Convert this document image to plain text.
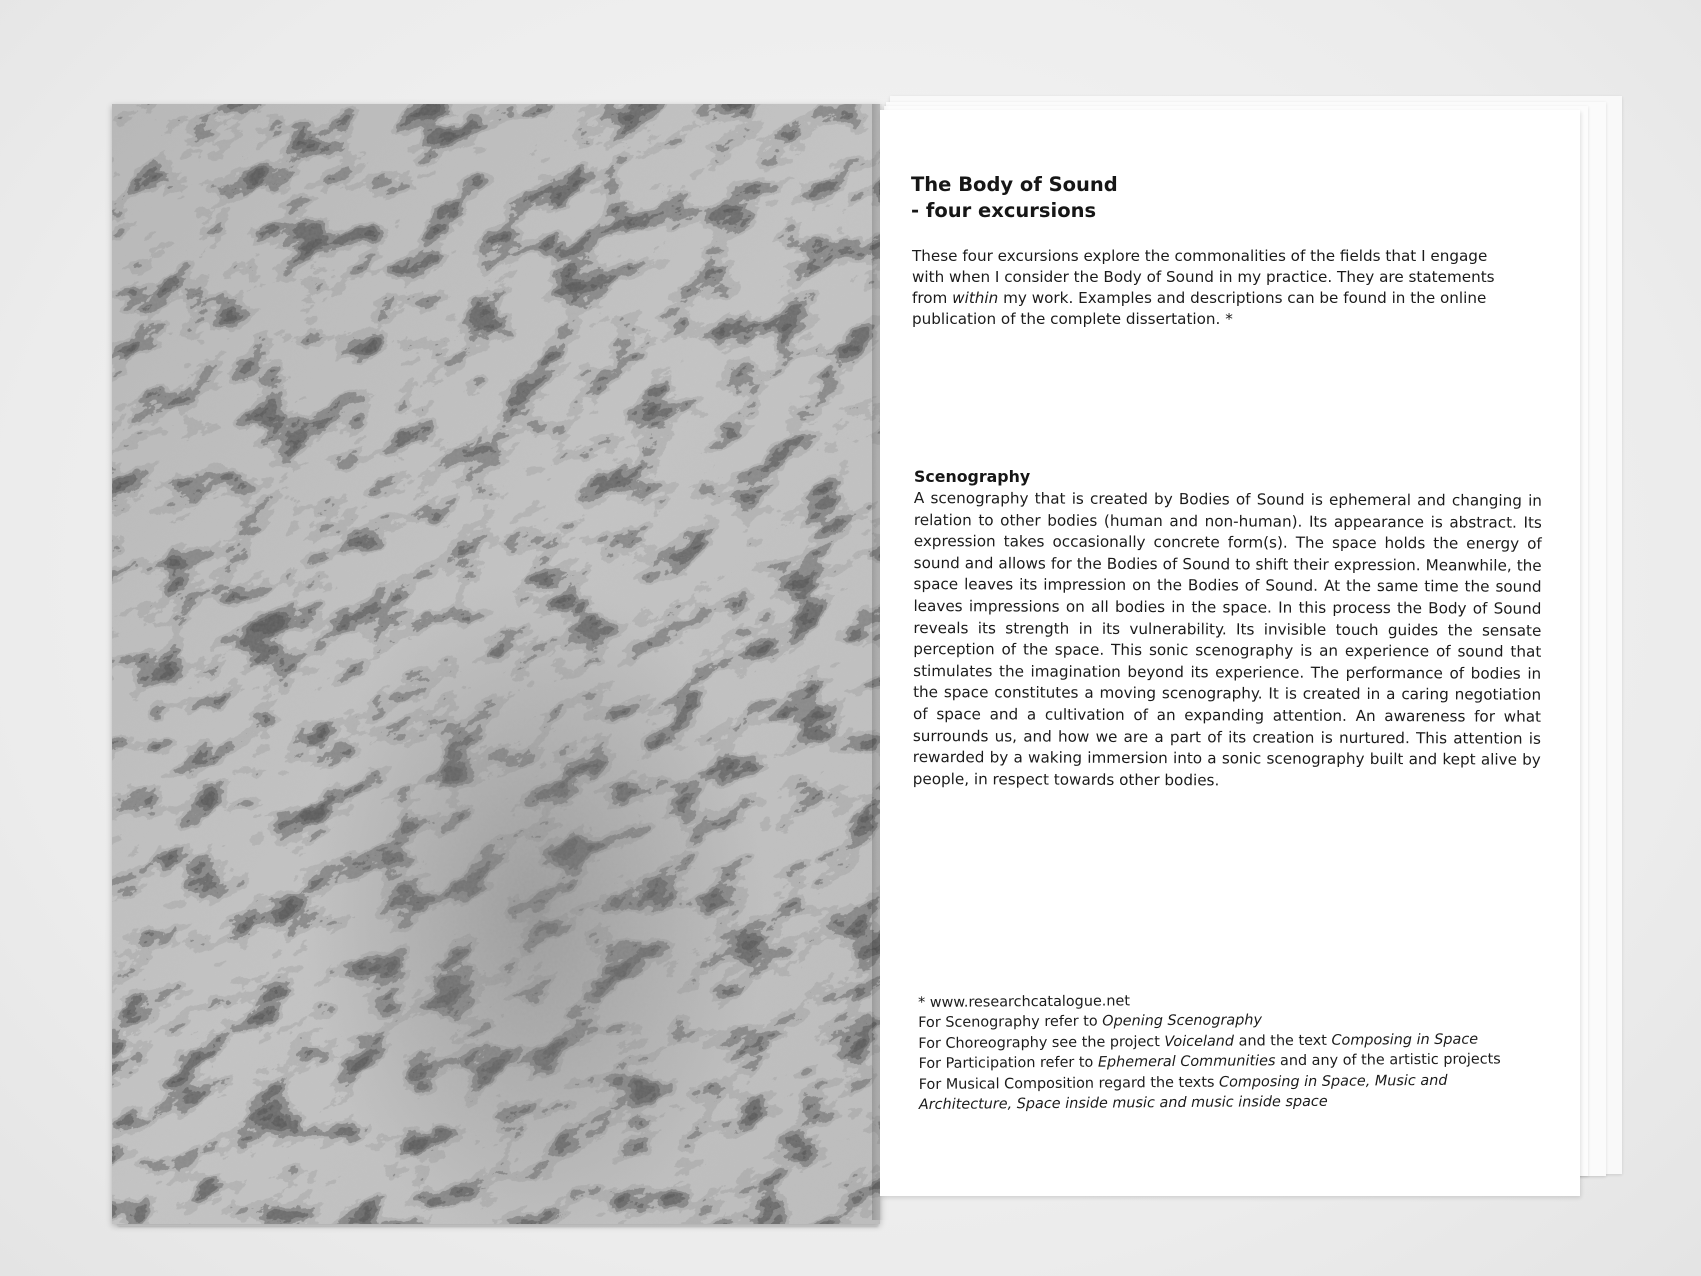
The Body of Sound
- four excursions

These four excursions explore the commonalities of the fields that I engage with when I consider the Body of Sound in my practice. They are statements from within my work. Examples and descriptions can be found in the online publication of the complete dissertation. *

Scenography

A scenography that is created by Bodies of Sound is ephemeral and changing in relation to other bodies (human and non-human). Its appearance is abstract. Its expression takes occasionally concrete form(s). The space holds the energy of sound and allows for the Bodies of Sound to shift their expression. Meanwhile, the space leaves its impression on the Bodies of Sound. At the same time the sound leaves impressions on all bodies in the space. In this process the Body of Sound reveals its strength in its vulnerability. Its invisible touch guides the sensate perception of the space. This sonic scenography is an experience of sound that stimulates the imagination beyond its experience. The performance of bodies in the space constitutes a moving scenography. It is created in a caring negotiation of space and a cultivation of an expanding attention. An awareness for what surrounds us, and how we are a part of its creation is nurtured. This attention is rewarded by a waking immersion into a sonic scenography built and kept alive by people, in respect towards other bodies.

* www.researchcatalogue.net
For Scenography refer to Opening Scenography
For Choreography see the project Voiceland and the text Composing in Space
For Participation refer to Ephemeral Communities and any of the artistic projects
For Musical Composition regard the texts Composing in Space, Music and
Architecture, Space inside music and music inside space
